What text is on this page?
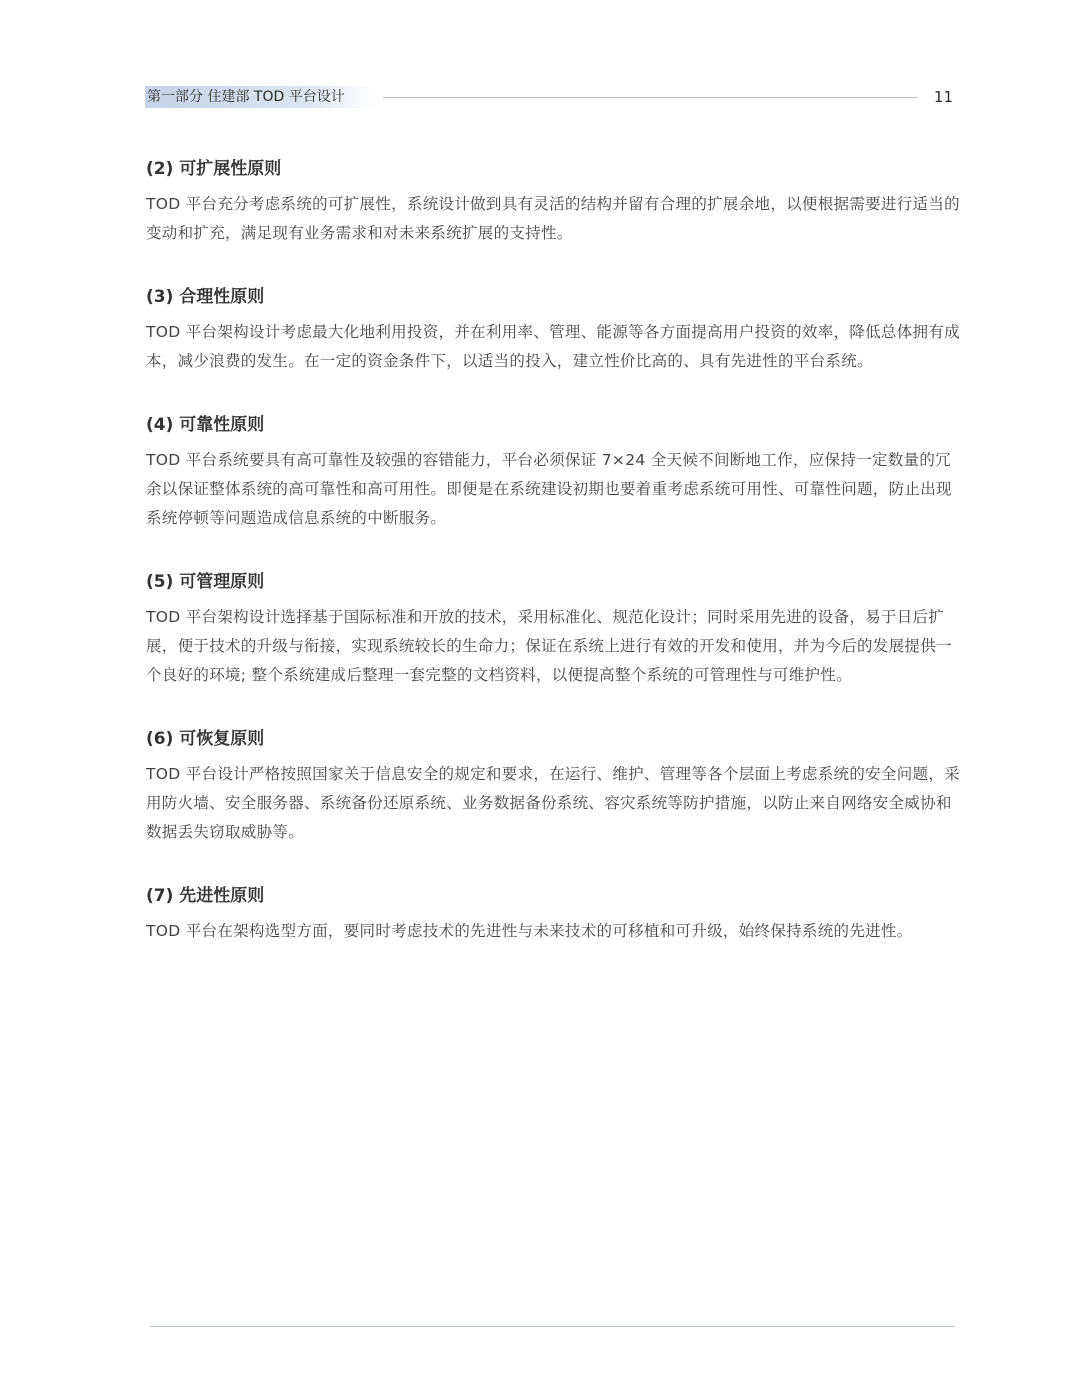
第一部分 住建部 TOD 平台设计	11
(2) 可扩展性原则

TOD 平台充分考虑系统的可扩展性，系统设计做到具有灵活的结构并留有合理的扩展余地，以便根据需要进行适当的变动和扩充，满足现有业务需求和对未来系统扩展的支持性。

(3) 合理性原则

TOD 平台架构设计考虑最大化地利用投资，并在利用率、管理、能源等各方面提高用户投资的效率，降低总体拥有成本，减少浪费的发生。在一定的资金条件下，以适当的投入，建立性价比高的、具有先进性的平台系统。

(4) 可靠性原则

TOD 平台系统要具有高可靠性及较强的容错能力，平台必须保证 7×24 全天候不间断地工作，应保持一定数量的冗余以保证整体系统的高可靠性和高可用性。即便是在系统建设初期也要着重考虑系统可用性、可靠性问题，防止出现系统停顿等问题造成信息系统的中断服务。

(5) 可管理原则

TOD 平台架构设计选择基于国际标准和开放的技术，采用标准化、规范化设计；同时采用先进的设备，易于日后扩展，便于技术的升级与衔接，实现系统较长的生命力；保证在系统上进行有效的开发和使用，并为今后的发展提供一个良好的环境; 整个系统建成后整理一套完整的文档资料，以便提高整个系统的可管理性与可维护性。

(6) 可恢复原则

TOD 平台设计严格按照国家关于信息安全的规定和要求，在运行、维护、管理等各个层面上考虑系统的安全问题，采用防火墙、安全服务器、系统备份还原系统、业务数据备份系统、容灾系统等防护措施，以防止来自网络安全威协和数据丢失窃取威胁等。

(7) 先进性原则

TOD 平台在架构选型方面，要同时考虑技术的先进性与未来技术的可移植和可升级，始终保持系统的先进性。
